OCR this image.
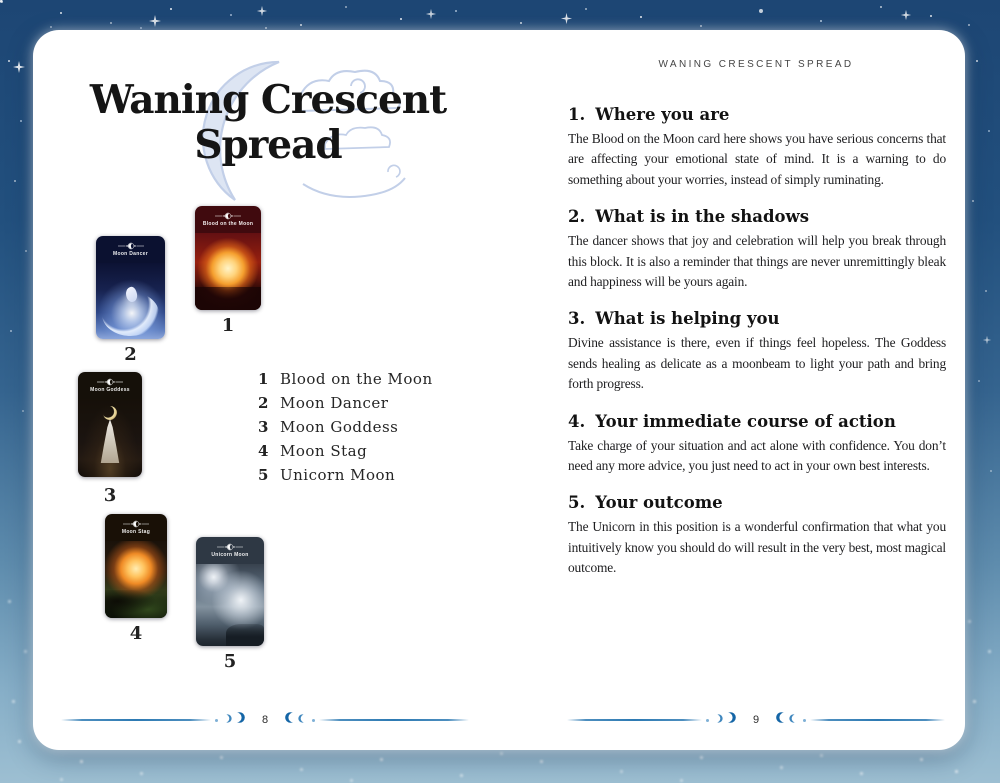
Waning Crescent
Spread
Blood on the Moon
Moon Dancer
Moon Goddess
Moon Stag
Unicorn Moon
1
2
3
4
5
1 Blood on the Moon
2 Moon Dancer
3 Moon Goddess
4 Moon Stag
5 Unicorn Moon
8
WANING CRESCENT SPREAD
1. Where you are

The Blood on the Moon card here shows you have serious concerns that are affecting your emotional state of mind. It is a warning to do something about your worries, instead of simply ruminating.

2. What is in the shadows

The dancer shows that joy and celebration will help you break through this block. It is also a reminder that things are never unremittingly bleak and happiness will be yours again.

3. What is helping you

Divine assistance is there, even if things feel hopeless. The Goddess sends healing as delicate as a moonbeam to light your path and bring forth progress.

4. Your immediate course of action

Take charge of your situation and act alone with confidence. You don’t need any more advice, you just need to act in your own best interests.

5. Your outcome

The Unicorn in this position is a wonderful confirmation that what you intuitively know you should do will result in the very best, most magical outcome.

9
